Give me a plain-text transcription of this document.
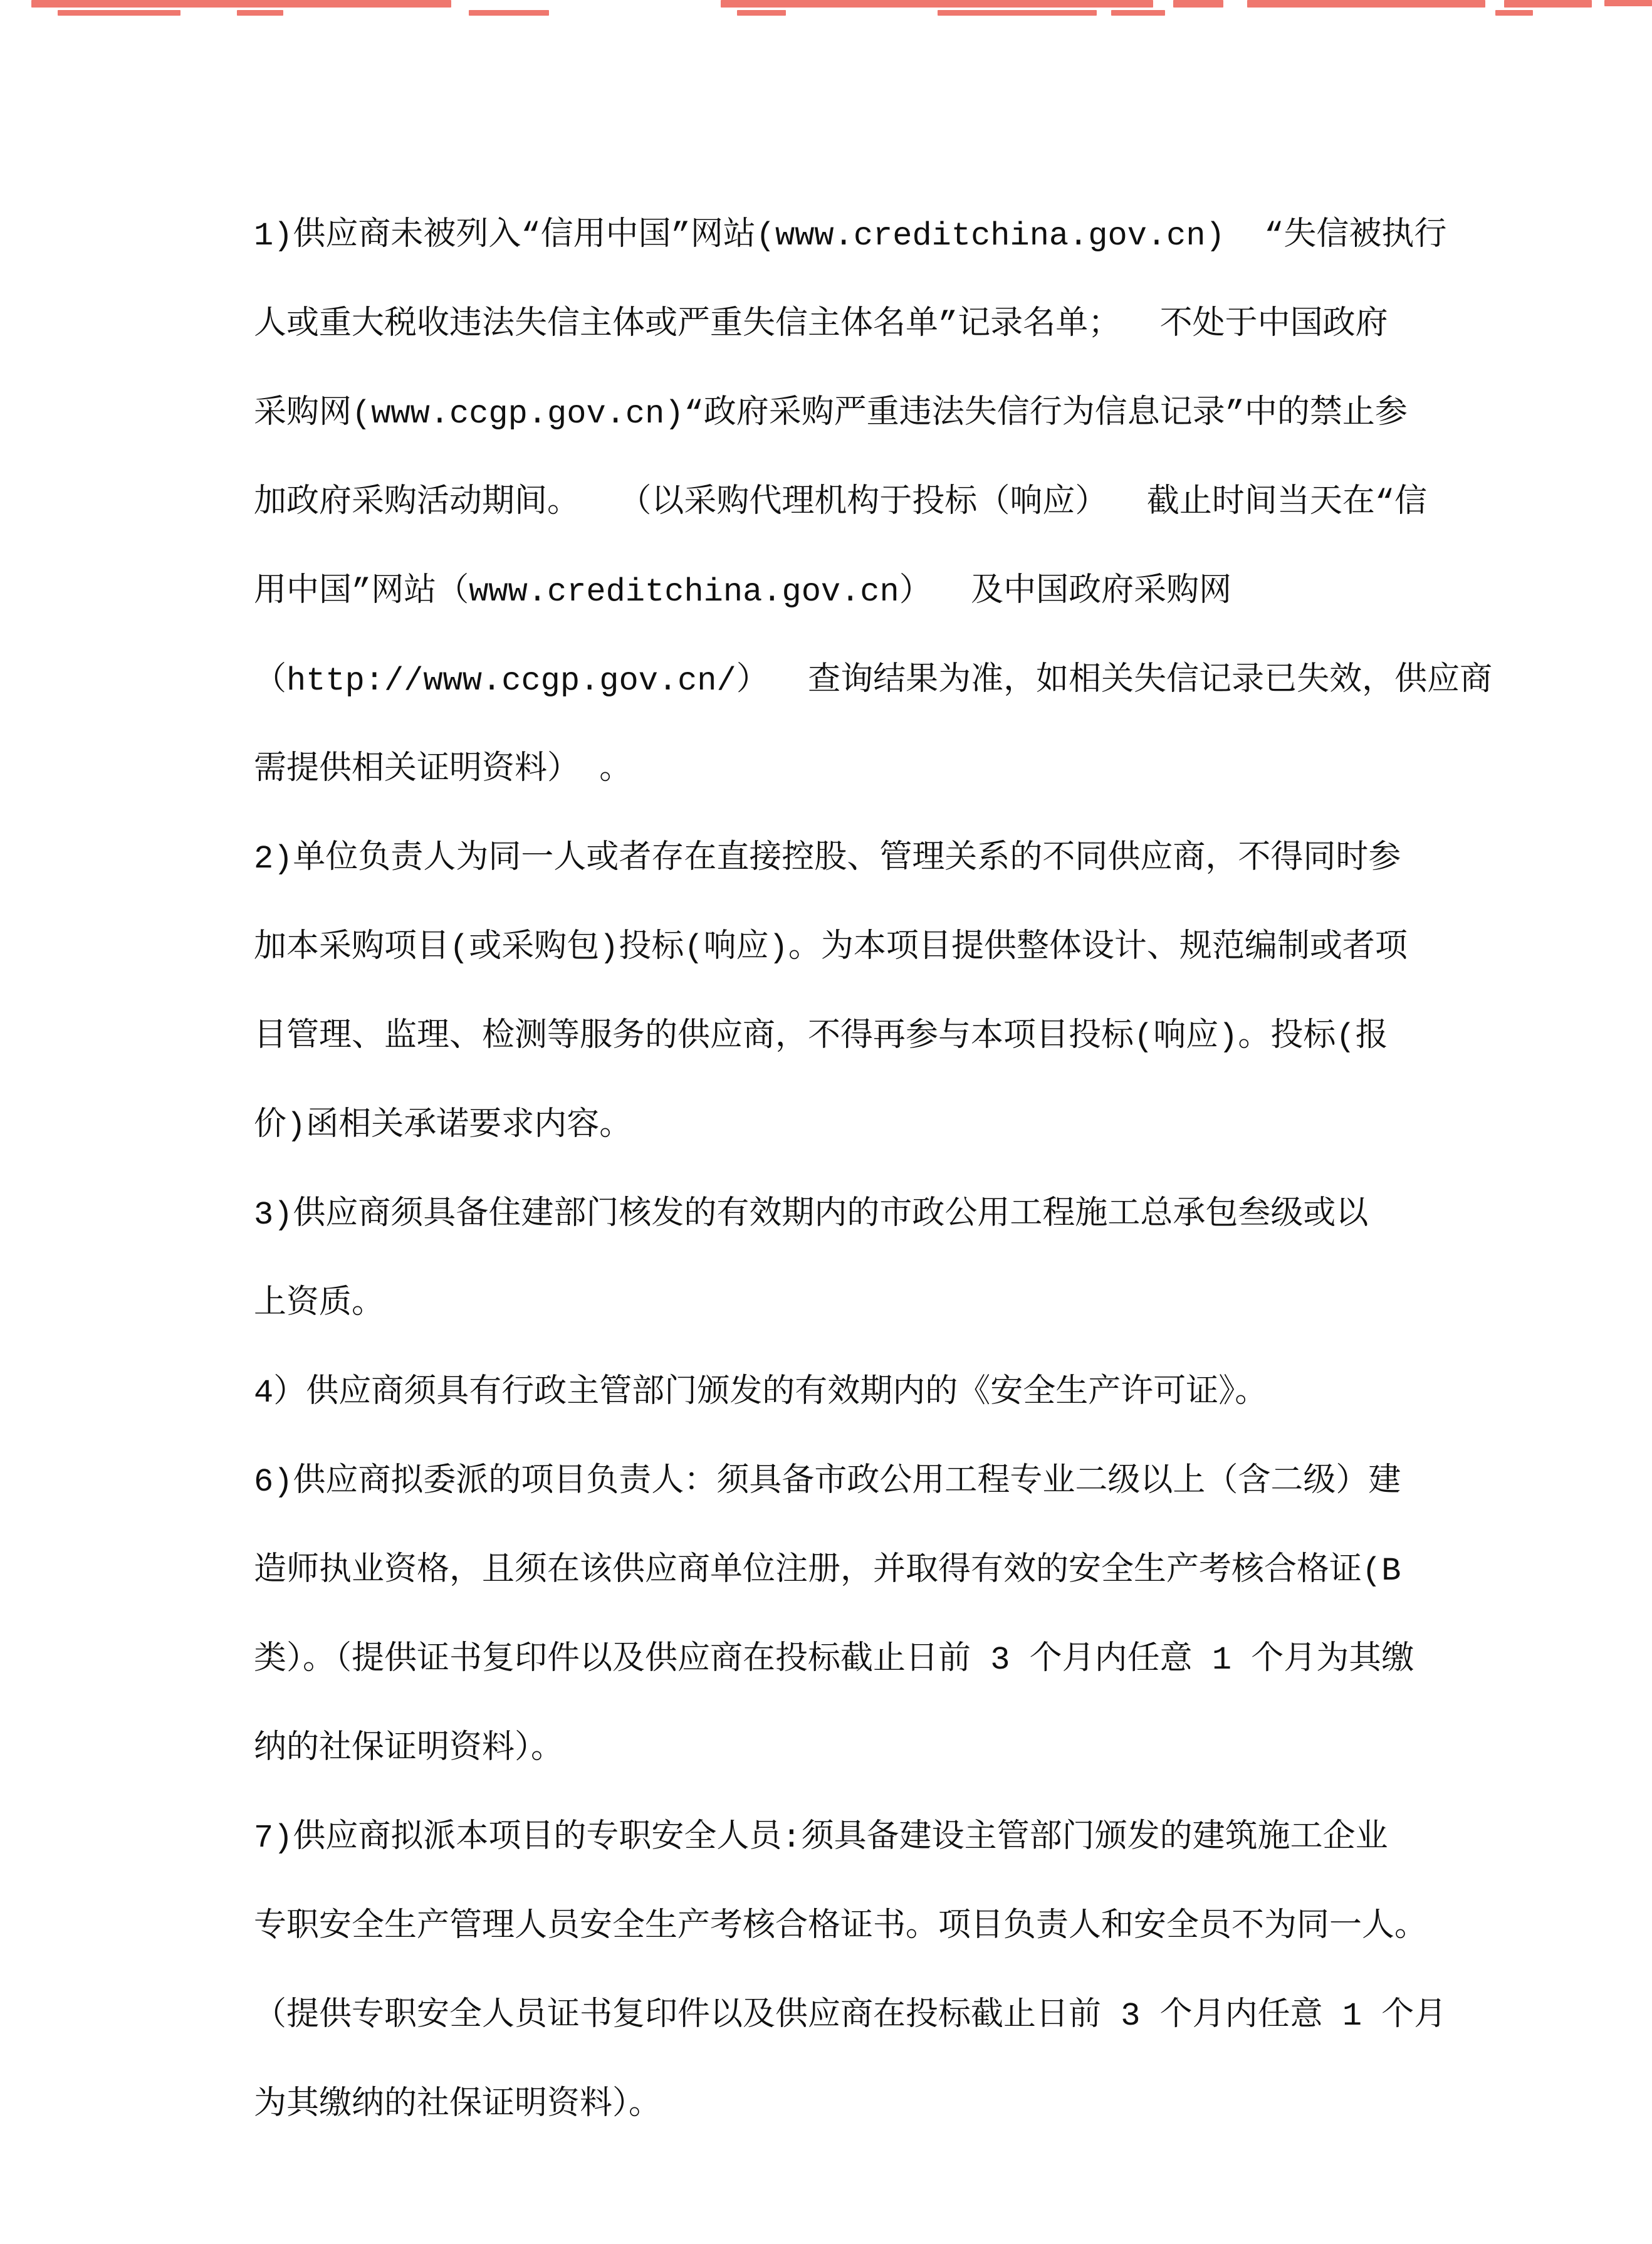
1)供应商未被列入“信用中国”网站(www.creditchina.gov.cn)  “失信被执行
人或重大税收违法失信主体或严重失信主体名单”记录名单；  不处于中国政府
采购网(www.ccgp.gov.cn)“政府采购严重违法失信行为信息记录”中的禁止参
加政府采购活动期间。  （以采购代理机构于投标（响应）  截止时间当天在“信
用中国”网站（www.creditchina.gov.cn）  及中国政府采购网
（http://www.ccgp.gov.cn/）  查询结果为准，如相关失信记录已失效，供应商
需提供相关证明资料） 。
2)单位负责人为同一人或者存在直接控股、管理关系的不同供应商，不得同时参
加本采购项目(或采购包)投标(响应)。为本项目提供整体设计、规范编制或者项
目管理、监理、检测等服务的供应商，不得再参与本项目投标(响应)。投标(报
价)函相关承诺要求内容。
3)供应商须具备住建部门核发的有效期内的市政公用工程施工总承包叁级或以
上资质。
4）供应商须具有行政主管部门颁发的有效期内的《安全生产许可证》。
6)供应商拟委派的项目负责人：须具备市政公用工程专业二级以上（含二级）建
造师执业资格，且须在该供应商单位注册，并取得有效的安全生产考核合格证(B
类）。（提供证书复印件以及供应商在投标截止日前 3 个月内任意 1 个月为其缴
纳的社保证明资料）。
7)供应商拟派本项目的专职安全人员:须具备建设主管部门颁发的建筑施工企业
专职安全生产管理人员安全生产考核合格证书。项目负责人和安全员不为同一人。
（提供专职安全人员证书复印件以及供应商在投标截止日前 3 个月内任意 1 个月
为其缴纳的社保证明资料）。
